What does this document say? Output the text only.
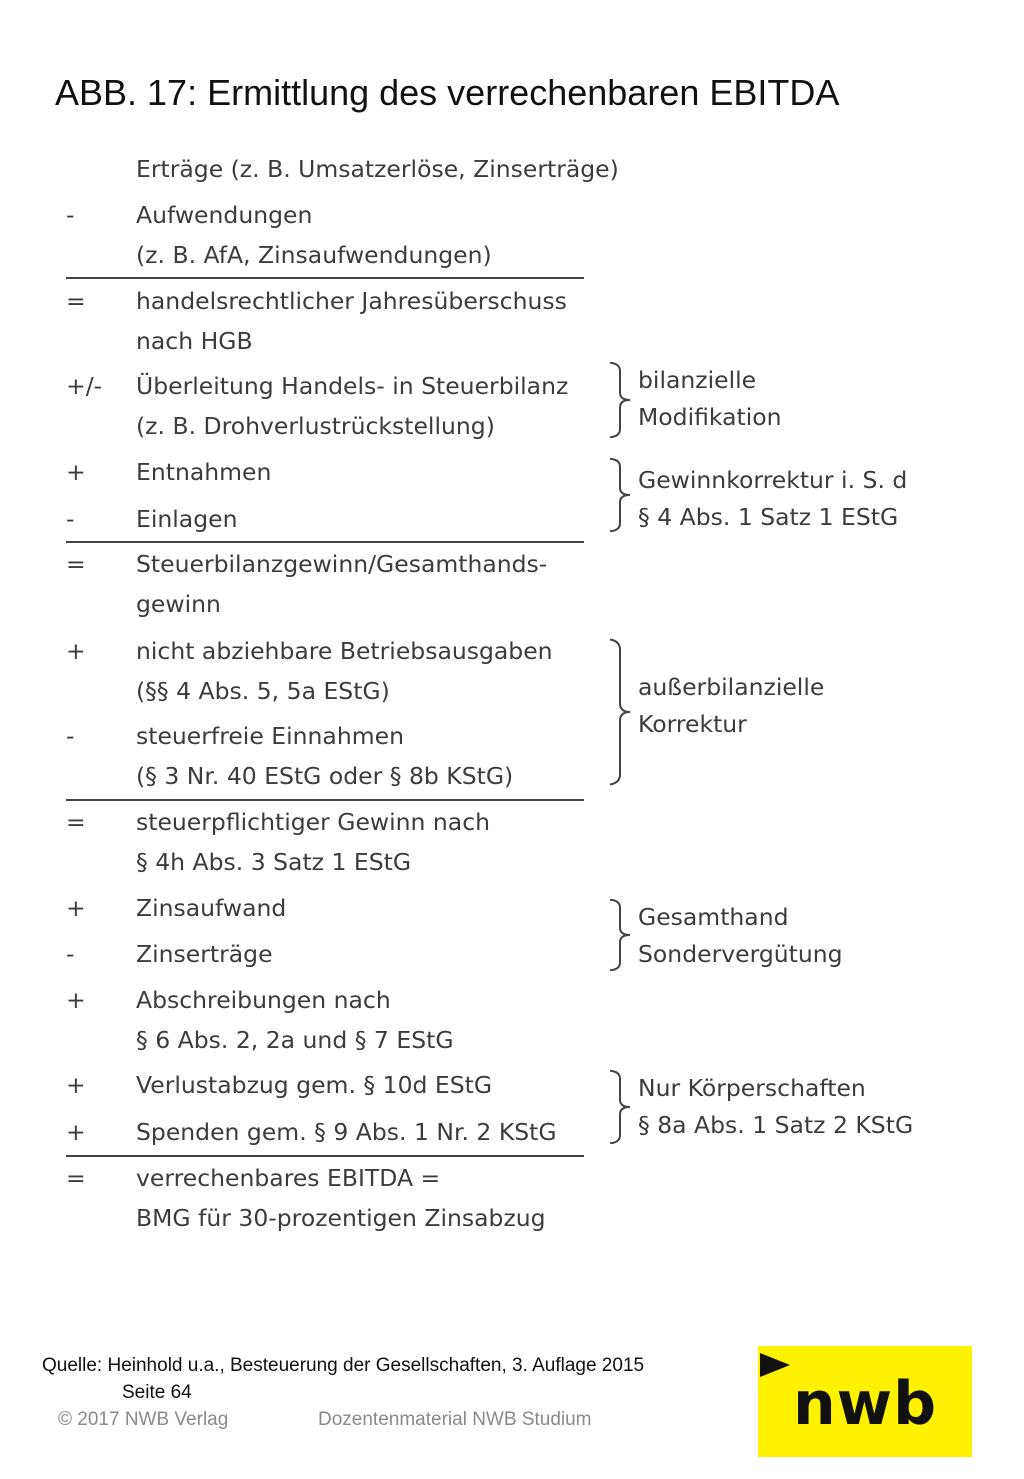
ABB. 17: Ermittlung des verrechenbaren EBITDA
Erträge (z. B. Umsatzerlöse, Zinserträge)
-	Aufwendungen
(z. B. AfA, Zinsaufwendungen)
=	handelsrechtlicher Jahresüberschuss
nach HGB
+/-	Überleitung Handels- in Steuerbilanz
(z. B. Drohverlustrückstellung)
+	Entnahmen
-	Einlagen
=	Steuerbilanzgewinn/Gesamthands-
gewinn
+	nicht abziehbare Betriebsausgaben
(§§ 4 Abs. 5, 5a EStG)
-	steuerfreie Einnahmen
(§ 3 Nr. 40 EStG oder § 8b KStG)
=	steuerpflichtiger Gewinn nach
§ 4h Abs. 3 Satz 1 EStG
+	Zinsaufwand
-	Zinserträge
+	Abschreibungen nach
§ 6 Abs. 2, 2a und § 7 EStG
+	Verlustabzug gem. § 10d EStG
+	Spenden gem. § 9 Abs. 1 Nr. 2 KStG
=	verrechenbares EBITDA =
BMG für 30-prozentigen Zinsabzug
bilanzielle
Modifikation
Gewinnkorrektur i. S. d
§ 4 Abs. 1 Satz 1 EStG
außerbilanzielle
Korrektur
Gesamthand
Sondervergütung
Nur Körperschaften
§ 8a Abs. 1 Satz 2 KStG
Quelle: Heinhold u.a., Besteuerung der Gesellschaften, 3. Auflage 2015
Seite 64
© 2017 NWB Verlag	Dozentenmaterial NWB Studium	nwb
